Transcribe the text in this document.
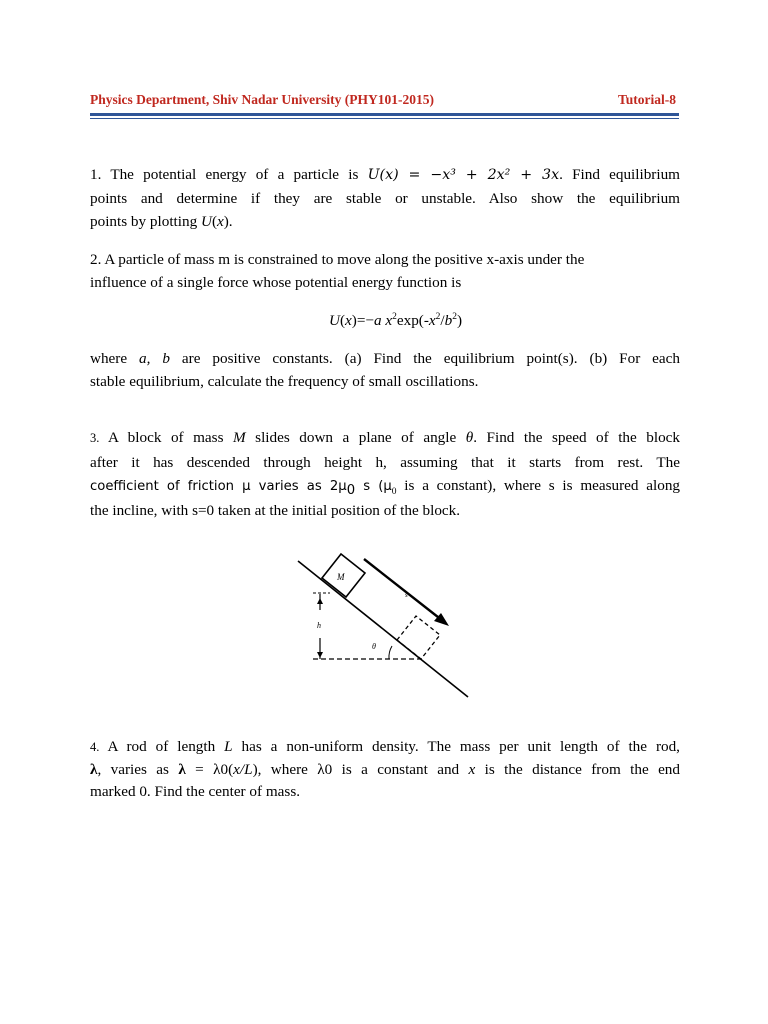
Physics Department, Shiv Nadar University (PHY101-2015)	Tutorial-8
1. The potential energy of a particle is U(x) = −x³ + 2x² + 3x. Find equilibrium
points and determine if they are stable or unstable. Also show the equilibrium
points by plotting U(x).
2. A particle of mass m is constrained to move along the positive x-axis under the
influence of a single force whose potential energy function is
U(x)=−a $x^2\exp(-x^2/b^2)$
where a, b are positive constants. (a) Find the equilibrium point(s). (b) For each
stable equilibrium, calculate the frequency of small oscillations.
3. A block of mass M slides down a plane of angle θ. Find the speed of the block
after it has descended through height h, assuming that it starts from rest. The
coefficient of friction μ varies as $2\mu_0$ s ($\mu_0$ is a constant), where s is measured along
the incline, with s=0 taken at the initial position of the block.
M
s
h
θ
4. A rod of length L has a non-uniform density. The mass per unit length of the rod,
λ, varies as λ = λ0(x/L), where λ0 is a constant and x is the distance from the end
marked 0. Find the center of mass.
